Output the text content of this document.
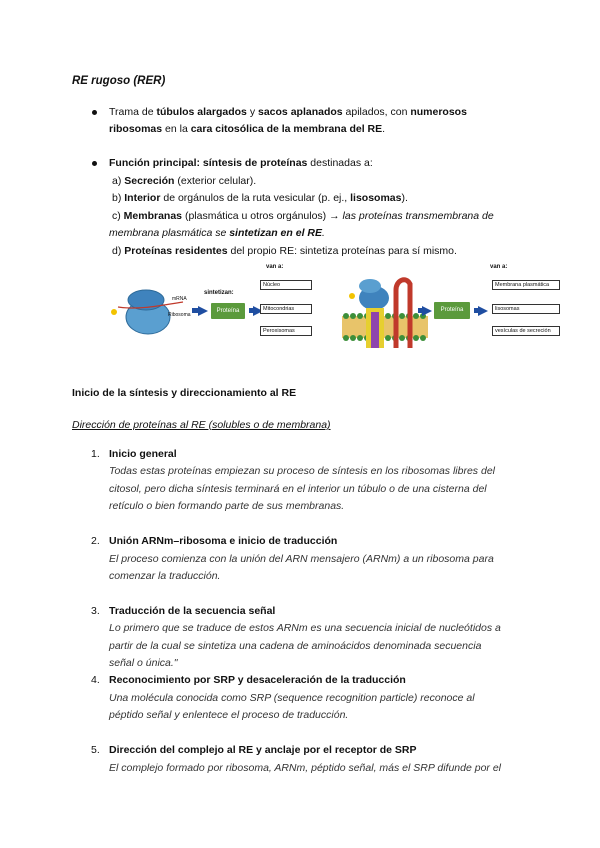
RE rugoso (RER)
Trama de túbulos alargados y sacos aplanados apilados, con numerosos
ribosomas en la cara citosólica de la membrana del RE.
Función principal: síntesis de proteínas destinadas a:
a) Secreción (exterior celular).
b) Interior de orgánulos de la ruta vesicular (p. ej., lisosomas).
c) Membranas (plasmática u otros orgánulos) → las proteínas transmembrana de
membrana plasmática se sintetizan en el RE.
d) Proteínas residentes del propio RE: sintetiza proteínas para sí mismo.
mRNA
Ribosoma
sintetizan:
Proteína
van a:
Núcleo
Mitocondrias
Peroxisomas
Proteína
van a:
Membrana plasmática
lisosomas
vesículas de secreción
Inicio de la síntesis y direccionamiento al RE
Dirección de proteínas al RE (solubles o de membrana)
1. Inicio general
Todas estas proteínas empiezan su proceso de síntesis en los ribosomas libres del
citosol, pero dicha síntesis terminará en el interior un túbulo o de una cisterna del
retículo o bien formando parte de sus membranas.
2. Unión ARNm–ribosoma e inicio de traducción
El proceso comienza con la unión del ARN mensajero (ARNm) a un ribosoma para
comenzar la traducción.
3. Traducción de la secuencia señal
Lo primero que se traduce de estos ARNm es una secuencia inicial de nucleótidos a
partir de la cual se sintetiza una cadena de aminoácidos denominada secuencia
señal o única."
4. Reconocimiento por SRP y desaceleración de la traducción
Una molécula conocida como SRP (sequence recognition particle) reconoce al
péptido señal y enlentece el proceso de traducción.
5. Dirección del complejo al RE y anclaje por el receptor de SRP
El complejo formado por ribosoma, ARNm, péptido señal, más el SRP difunde por el
